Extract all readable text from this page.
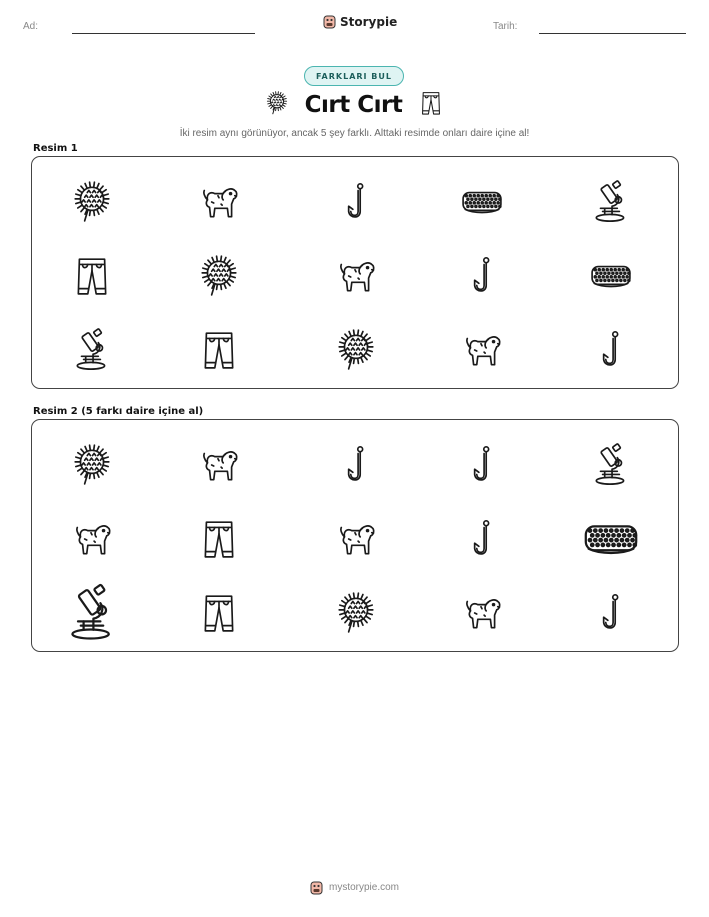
Ad:	Storypie	Tarih:
FARKLARI BUL
Cırt Cırt
İki resim aynı görünüyor, ancak 5 şey farklı. Alttaki resimde onları daire içine al!
Resim 1
Resim 2 (5 farkı daire içine al)
mystorypie.com
